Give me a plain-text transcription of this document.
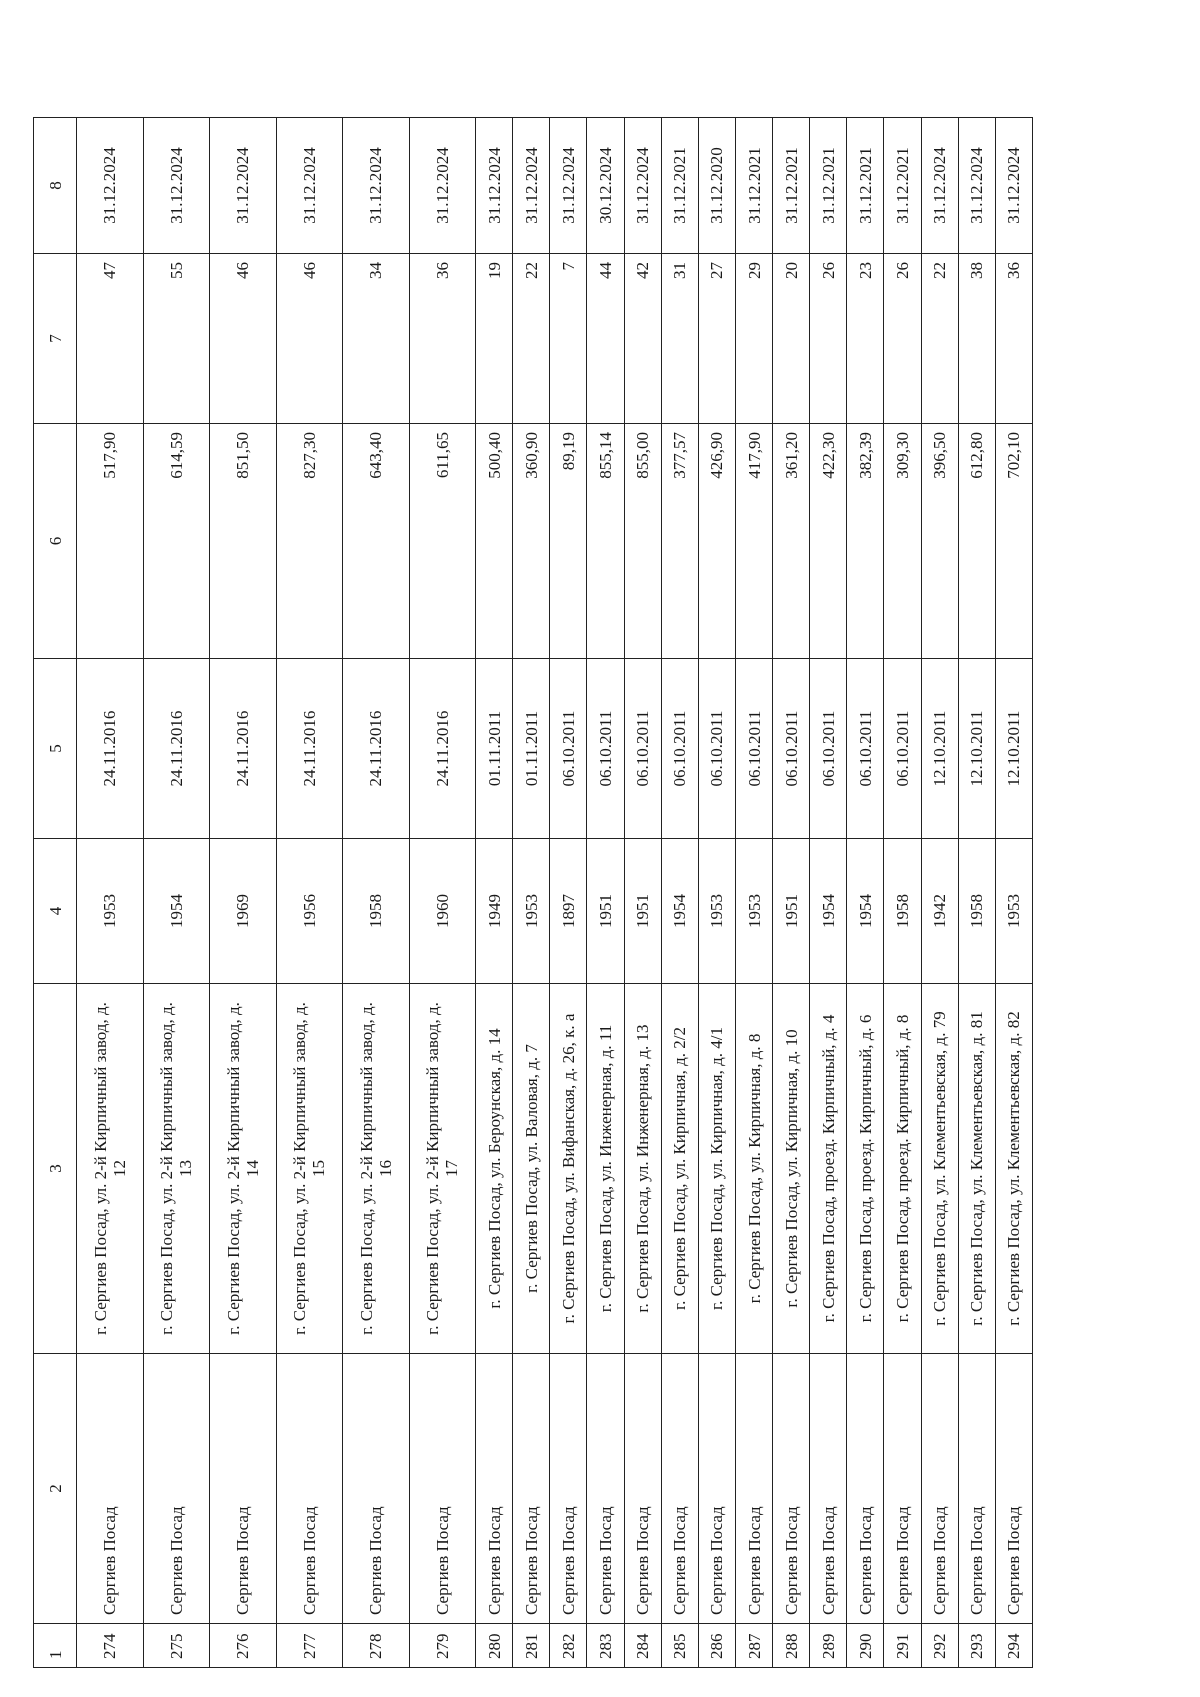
1	2	3	4	5	6	7	8
274	Сергиев Посад	г. Сергиев Посад, ул. 2-й Кирпичный завод, д. 12	1953	24.11.2016	517,90	47	31.12.2024
275	Сергиев Посад	г. Сергиев Посад, ул. 2-й Кирпичный завод, д. 13	1954	24.11.2016	614,59	55	31.12.2024
276	Сергиев Посад	г. Сергиев Посад, ул. 2-й Кирпичный завод, д. 14	1969	24.11.2016	851,50	46	31.12.2024
277	Сергиев Посад	г. Сергиев Посад, ул. 2-й Кирпичный завод, д. 15	1956	24.11.2016	827,30	46	31.12.2024
278	Сергиев Посад	г. Сергиев Посад, ул. 2-й Кирпичный завод, д. 16	1958	24.11.2016	643,40	34	31.12.2024
279	Сергиев Посад	г. Сергиев Посад, ул. 2-й Кирпичный завод, д. 17	1960	24.11.2016	611,65	36	31.12.2024
280	Сергиев Посад	г. Сергиев Посад, ул. Бероунская, д. 14	1949	01.11.2011	500,40	19	31.12.2024
281	Сергиев Посад	г. Сергиев Посад, ул. Валовая, д. 7	1953	01.11.2011	360,90	22	31.12.2024
282	Сергиев Посад	г. Сергиев Посад, ул. Вифанская, д. 26, к. а	1897	06.10.2011	89,19	7	31.12.2024
283	Сергиев Посад	г. Сергиев Посад, ул. Инженерная, д. 11	1951	06.10.2011	855,14	44	30.12.2024
284	Сергиев Посад	г. Сергиев Посад, ул. Инженерная, д. 13	1951	06.10.2011	855,00	42	31.12.2024
285	Сергиев Посад	г. Сергиев Посад, ул. Кирпичная, д. 2/2	1954	06.10.2011	377,57	31	31.12.2021
286	Сергиев Посад	г. Сергиев Посад, ул. Кирпичная, д. 4/1	1953	06.10.2011	426,90	27	31.12.2020
287	Сергиев Посад	г. Сергиев Посад, ул. Кирпичная, д. 8	1953	06.10.2011	417,90	29	31.12.2021
288	Сергиев Посад	г. Сергиев Посад, ул. Кирпичная, д. 10	1951	06.10.2011	361,20	20	31.12.2021
289	Сергиев Посад	г. Сергиев Посад, проезд. Кирпичный, д. 4	1954	06.10.2011	422,30	26	31.12.2021
290	Сергиев Посад	г. Сергиев Посад, проезд. Кирпичный, д. 6	1954	06.10.2011	382,39	23	31.12.2021
291	Сергиев Посад	г. Сергиев Посад, проезд. Кирпичный, д. 8	1958	06.10.2011	309,30	26	31.12.2021
292	Сергиев Посад	г. Сергиев Посад, ул. Клементьевская, д. 79	1942	12.10.2011	396,50	22	31.12.2024
293	Сергиев Посад	г. Сергиев Посад, ул. Клементьевская, д. 81	1958	12.10.2011	612,80	38	31.12.2024
294	Сергиев Посад	г. Сергиев Посад, ул. Клементьевская, д. 82	1953	12.10.2011	702,10	36	31.12.2024
